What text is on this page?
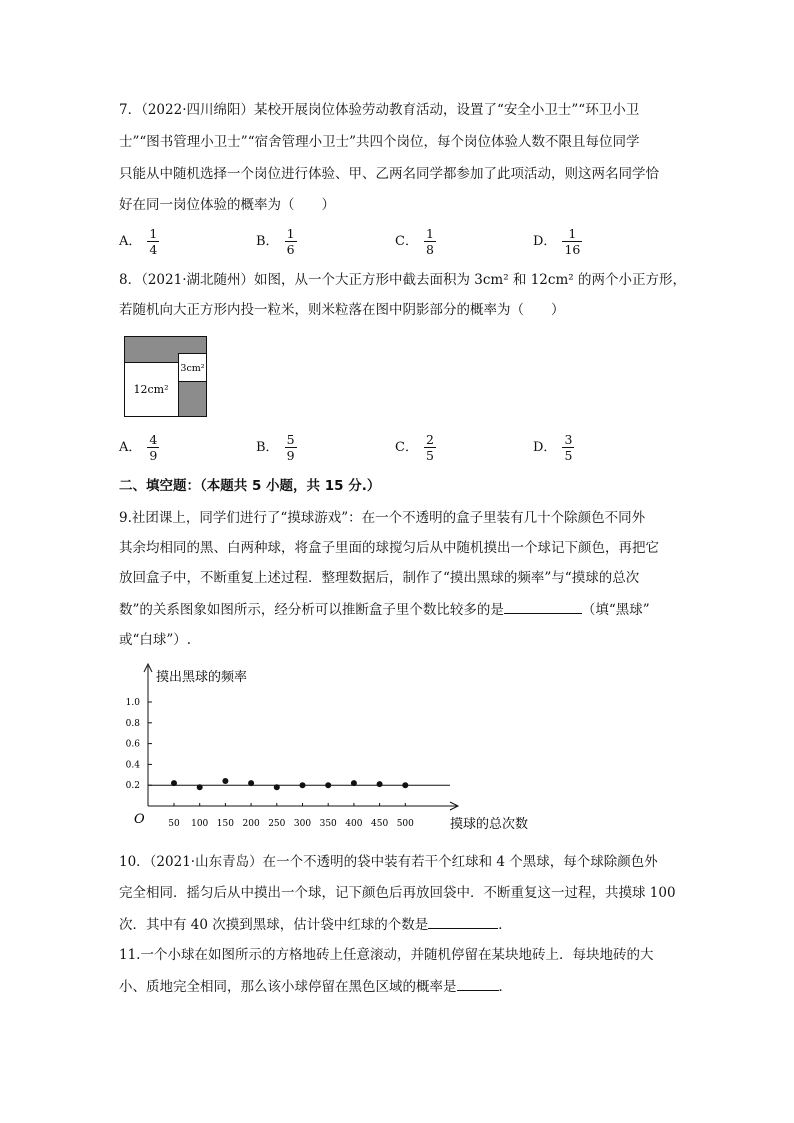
7．（2022·四川绵阳）某校开展岗位体验劳动教育活动，设置了“安全小卫士”“环卫小卫
士”“图书管理小卫士”“宿舍管理小卫士”共四个岗位，每个岗位体验人数不限且每位同学
只能从中随机选择一个岗位进行体验、甲、乙两名同学都参加了此项活动，则这两名同学恰
好在同一岗位体验的概率为（　　）
A． $\frac{1}{4}$	B． $\frac{1}{6}$	C． $\frac{1}{8}$	D． $\frac{1}{16}$
8．（2021·湖北随州）如图，从一个大正方形中截去面积为 3cm² 和 12cm² 的两个小正方形，
若随机向大正方形内投一粒米，则米粒落在图中阴影部分的概率为（　　）
12cm²
3cm²
A． $\frac{4}{9}$	B． $\frac{5}{9}$	C． $\frac{2}{5}$	D． $\frac{3}{5}$
二、填空题：（本题共 5 小题，共 15 分.）
9.社团课上，同学们进行了“摸球游戏”：在一个不透明的盒子里装有几十个除颜色不同外
其余均相同的黑、白两种球，将盒子里面的球搅匀后从中随机摸出一个球记下颜色，再把它
放回盒子中，不断重复上述过程．整理数据后，制作了“摸出黑球的频率”与“摸球的总次
数”的关系图象如图所示，经分析可以推断盒子里个数比较多的是	（填“黑球”
或“白球”）.
0.2
0.4
0.6
0.8
1.0
50 100 150 200 250 300 350 400 450 500
摸出黑球的频率
摸球的总次数
O
10．（2021·山东青岛）在一个不透明的袋中装有若干个红球和 4 个黑球，每个球除颜色外
完全相同．摇匀后从中摸出一个球，记下颜色后再放回袋中．不断重复这一过程，共摸球 100
次．其中有 40 次摸到黑球，估计袋中红球的个数是	．
11.一个小球在如图所示的方格地砖上任意滚动，并随机停留在某块地砖上．每块地砖的大
小、质地完全相同，那么该小球停留在黑色区域的概率是	．
